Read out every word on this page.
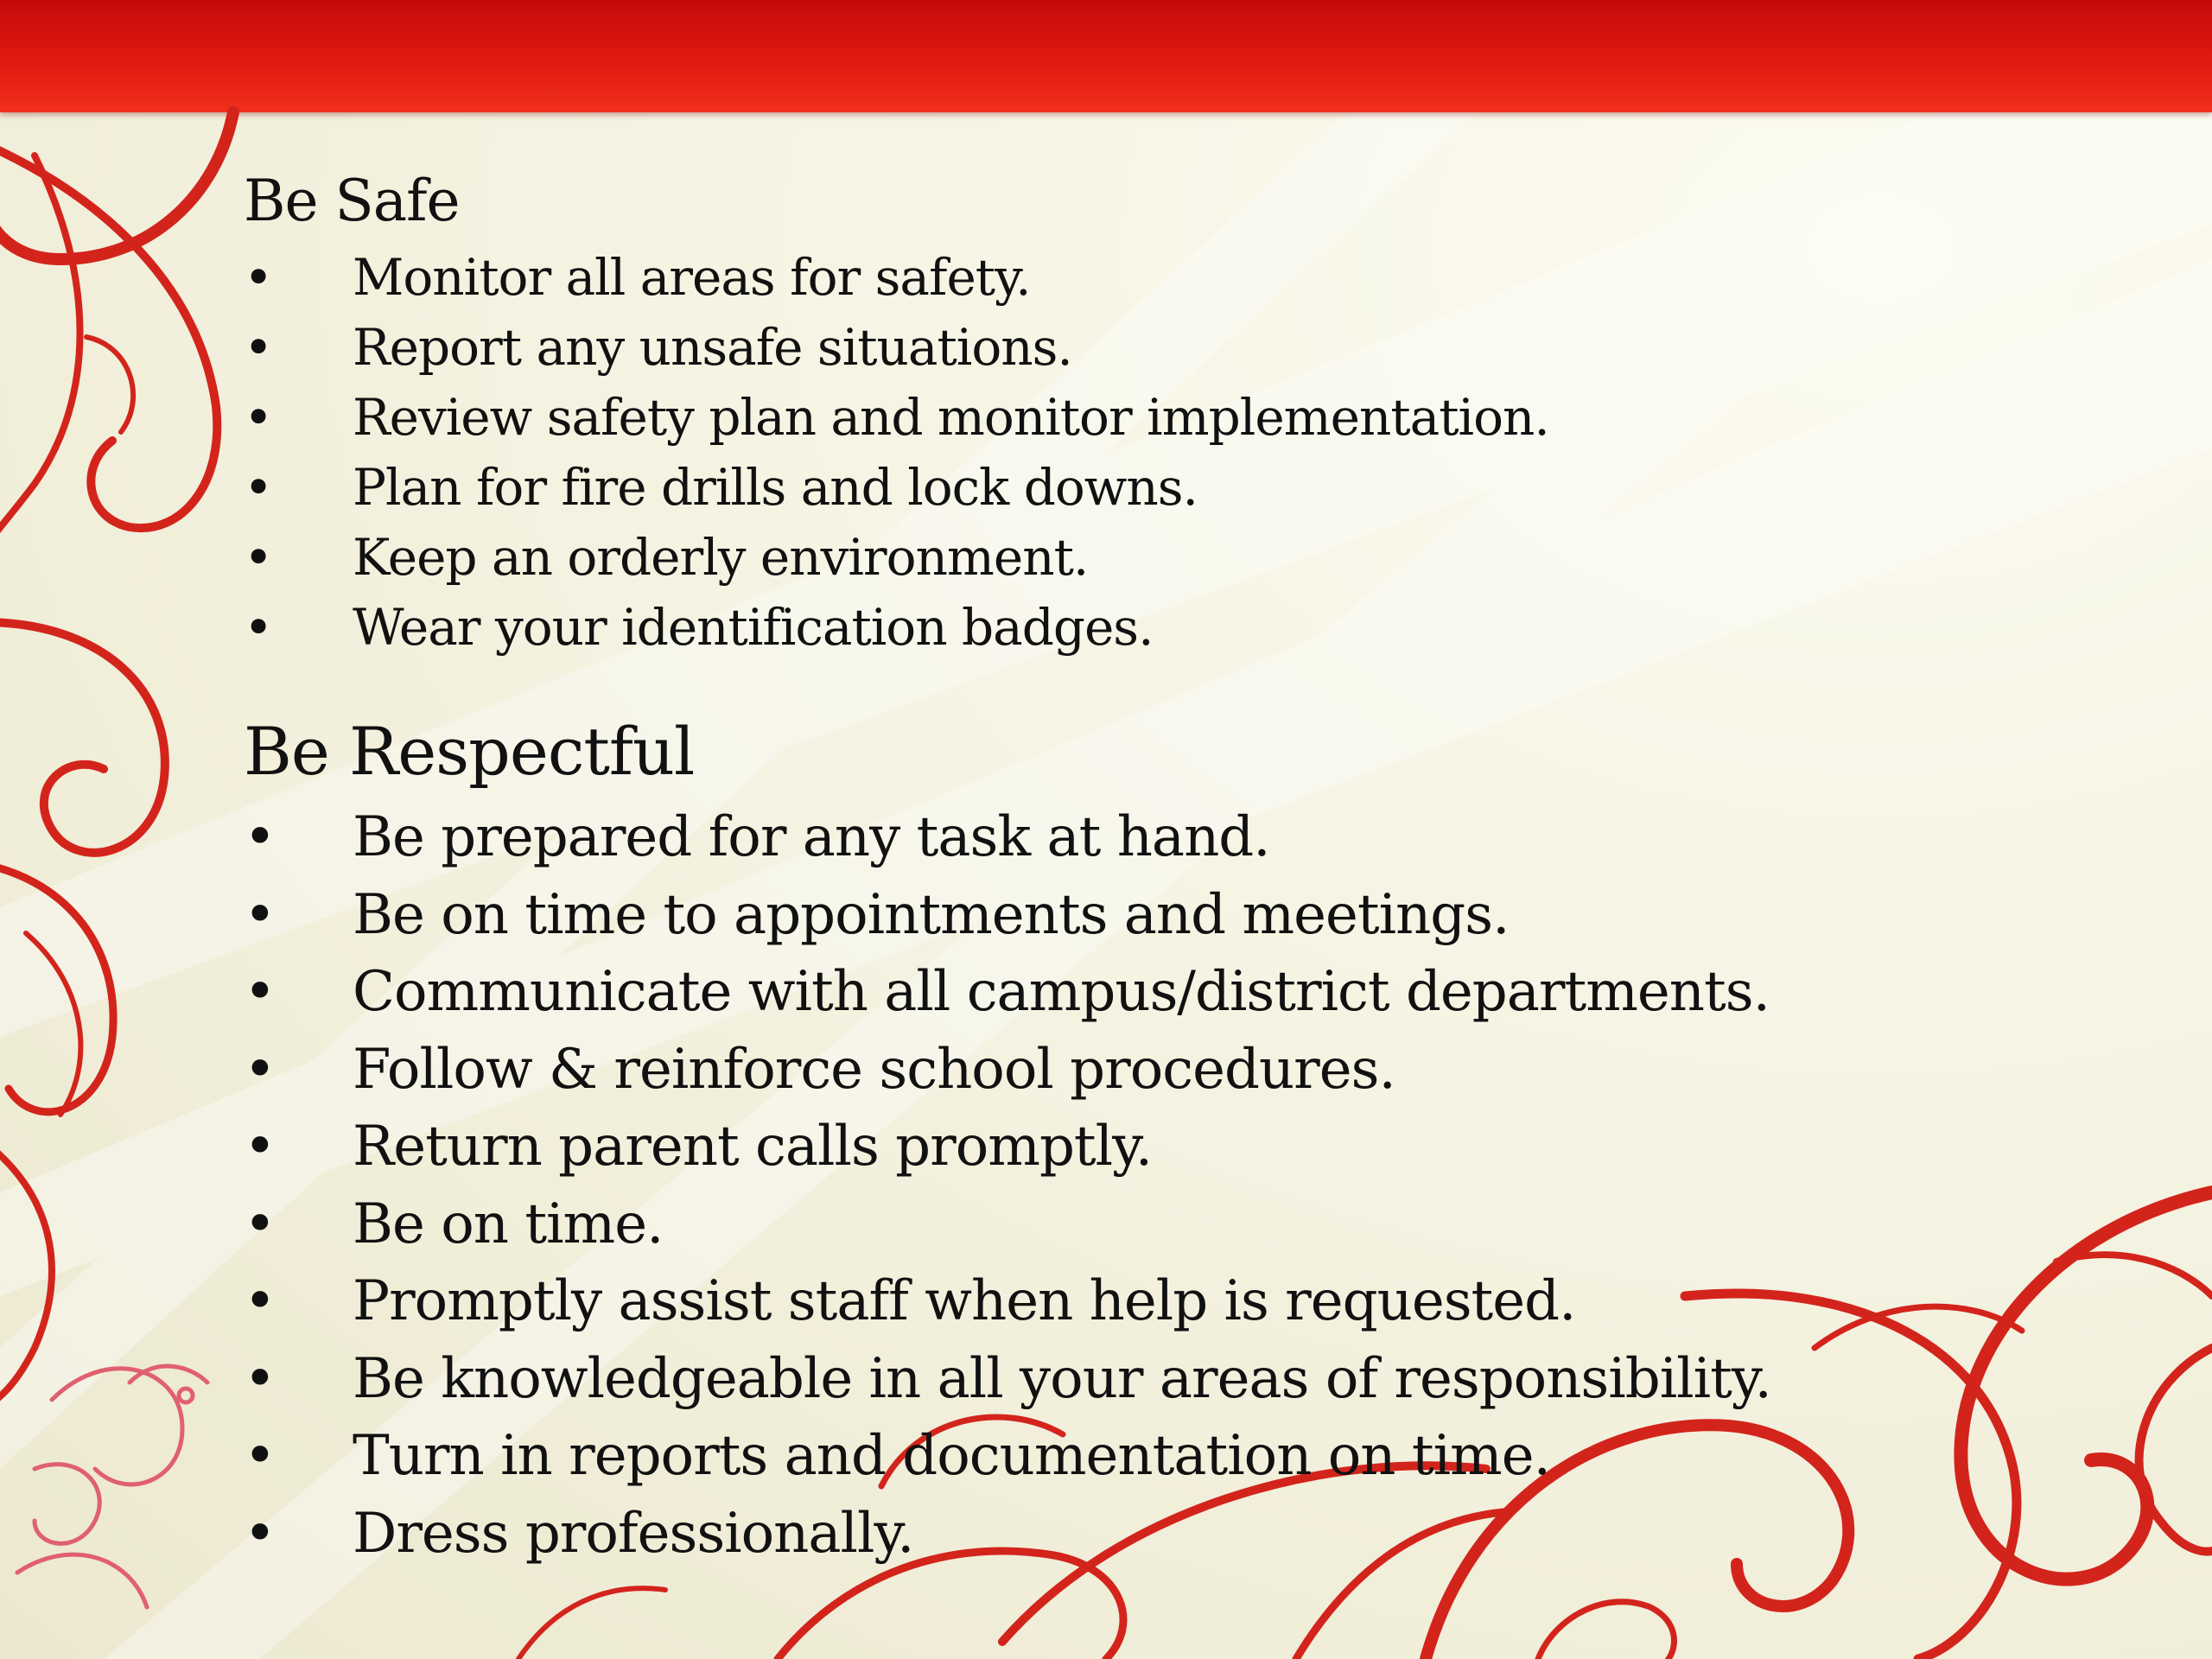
Be Safe
• Monitor all areas for safety.
• Report any unsafe situations.
• Review safety plan and monitor implementation.
• Plan for fire drills and lock downs.
• Keep an orderly environment.
• Wear your identification badges.
Be Respectful
• Be prepared for any task at hand.
• Be on time to appointments and meetings.
• Communicate with all campus/district departments.
• Follow & reinforce school procedures.
• Return parent calls promptly.
• Be on time.
• Promptly assist staff when help is requested.
• Be knowledgeable in all your areas of responsibility.
• Turn in reports and documentation on time.
• Dress professionally.
